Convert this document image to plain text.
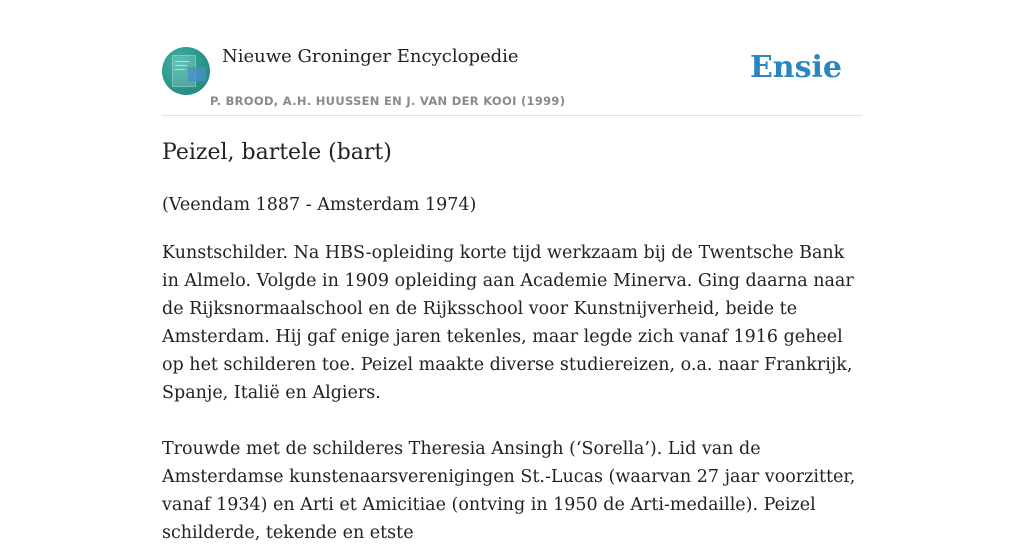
Nieuwe Groninger Encyclopedie
P. BROOD, A.H. HUUSSEN EN J. VAN DER KOOI (1999)
Ensie
Peizel, bartele (bart)
(Veendam 1887 - Amsterdam 1974)

Kunstschilder. Na HBS-opleiding korte tijd werkzaam bij de Twentsche Bank in Almelo. Volgde in 1909 opleiding aan Academie Minerva. Ging daarna naar de Rijksnormaalschool en de Rijksschool voor Kunstnijverheid, beide te Amsterdam. Hij gaf enige jaren tekenles, maar legde zich vanaf 1916 geheel op het schilderen toe. Peizel maakte diverse studiereizen, o.a. naar Frankrijk, Spanje, Italië en Algiers.

Trouwde met de schilderes Theresia Ansingh (‘Sorella’). Lid van de Amsterdamse kunstenaarsverenigingen St.-Lucas (waarvan 27 jaar voorzitter, vanaf 1934) en Arti et Amicitiae (ontving in 1950 de Arti-medaille). Peizel schilderde, tekende en etste
